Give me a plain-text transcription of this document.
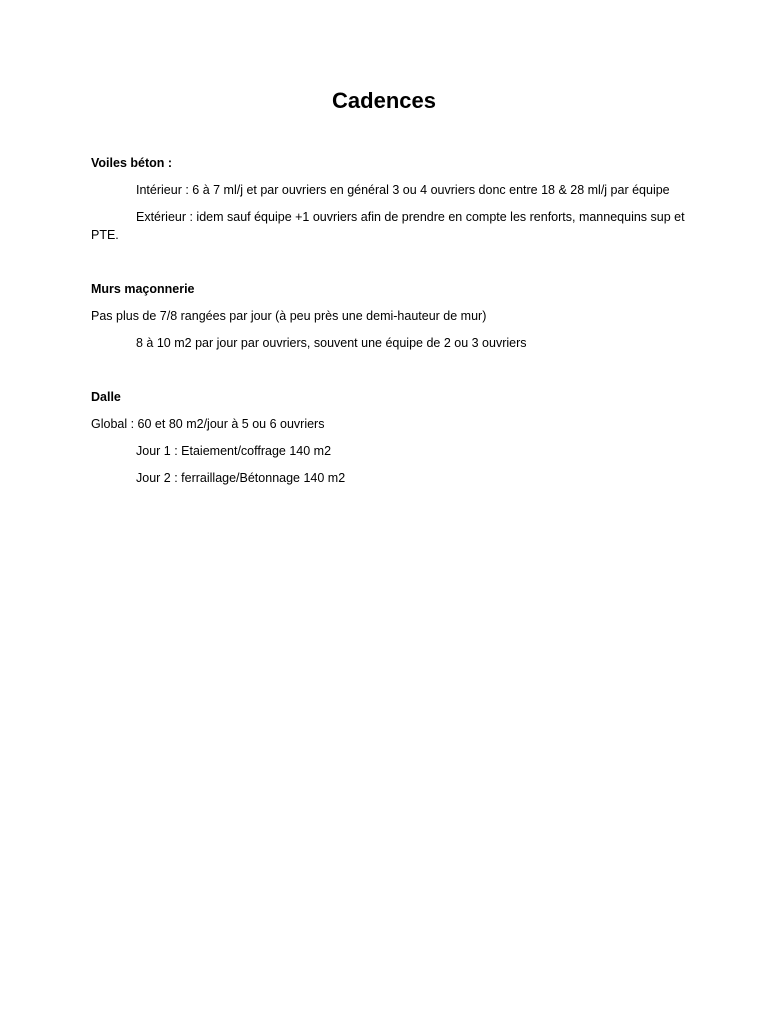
Cadences

Voiles béton :

Intérieur : 6 à 7 ml/j et par ouvriers en général 3 ou 4 ouvriers donc entre 18 & 28 ml/j par équipe

Extérieur : idem sauf équipe +1 ouvriers afin de prendre en compte les renforts, mannequins sup et PTE.

Murs maçonnerie

Pas plus de 7/8 rangées par jour (à peu près une demi-hauteur de mur)

8 à 10 m2 par jour par ouvriers, souvent une équipe de 2 ou 3 ouvriers

Dalle

Global : 60 et 80 m2/jour à 5 ou 6 ouvriers

Jour 1 : Etaiement/coffrage 140 m2

Jour 2 : ferraillage/Bétonnage 140 m2
